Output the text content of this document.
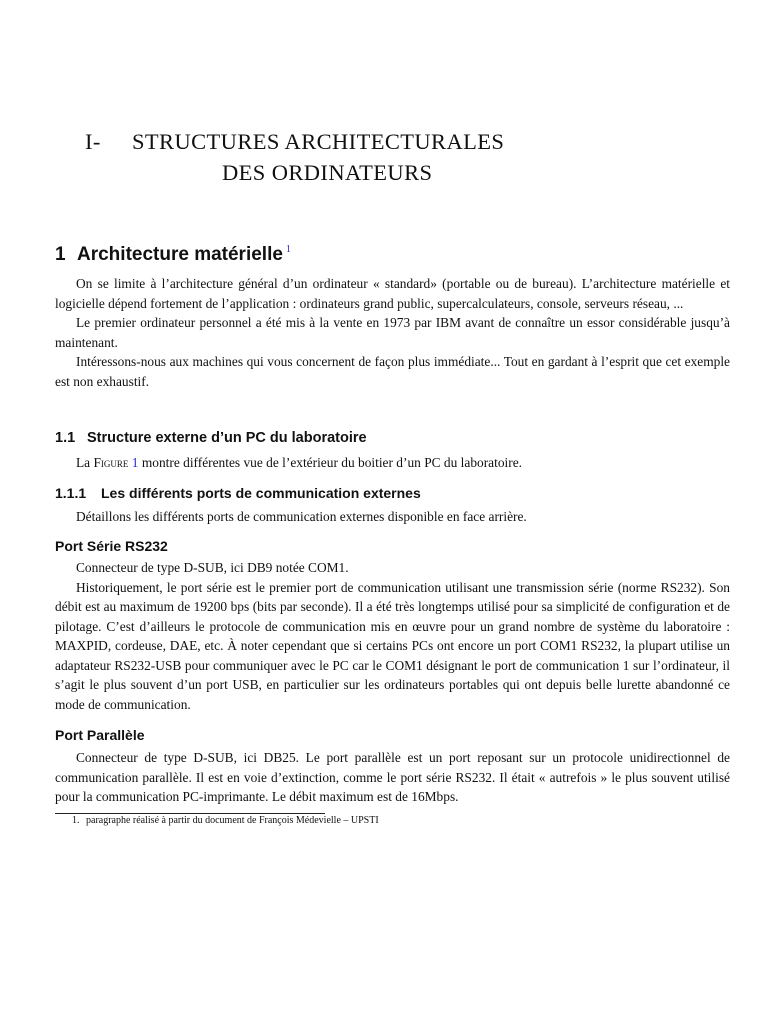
I- STRUCTURES ARCHITECTURALES
DES ORDINATEURS
1 Architecture matérielle $^1$

On se limite à l’architecture général d’un ordinateur « standard» (portable ou de bureau). L’architecture matérielle et logicielle dépend fortement de l’application : ordinateurs grand public, supercalculateurs, console, serveurs réseau, ...

Le premier ordinateur personnel a été mis à la vente en 1973 par IBM avant de connaître un essor considérable jusqu’à maintenant.

Intéressons-nous aux machines qui vous concernent de façon plus immédiate... Tout en gardant à l’esprit que cet exemple est non exhaustif.

1.1 Structure externe d’un PC du laboratoire

La Figure 1 montre différentes vue de l’extérieur du boitier d’un PC du laboratoire.

1.1.1 Les différents ports de communication externes

Détaillons les différents ports de communication externes disponible en face arrière.

Port Série RS232

Connecteur de type D-SUB, ici DB9 notée COM1.

Historiquement, le port série est le premier port de communication utilisant une transmission série (norme RS232). Son débit est au maximum de 19200 bps (bits par seconde). Il a été très longtemps utilisé pour sa simplicité de configuration et de pilotage. C’est d’ailleurs le protocole de communication mis en œuvre pour un grand nombre de système du laboratoire : MAXPID, cordeuse, DAE, etc. À noter cependant que si certains PCs ont encore un port COM1 RS232, la plupart utilise un adaptateur RS232-USB pour communiquer avec le PC car le COM1 désignant le port de communication 1 sur l’ordinateur, il s’agit le plus souvent d’un port USB, en particulier sur les ordinateurs portables qui ont depuis belle lurette abandonné ce mode de communication.

Port Parallèle

Connecteur de type D-SUB, ici DB25. Le port parallèle est un port reposant sur un protocole unidirectionnel de communication parallèle. Il est en voie d’extinction, comme le port série RS232. Il était « autrefois » le plus souvent utilisé pour la communication PC-imprimante. Le débit maximum est de 16Mbps.

1. paragraphe réalisé à partir du document de François Médevielle – UPSTI
